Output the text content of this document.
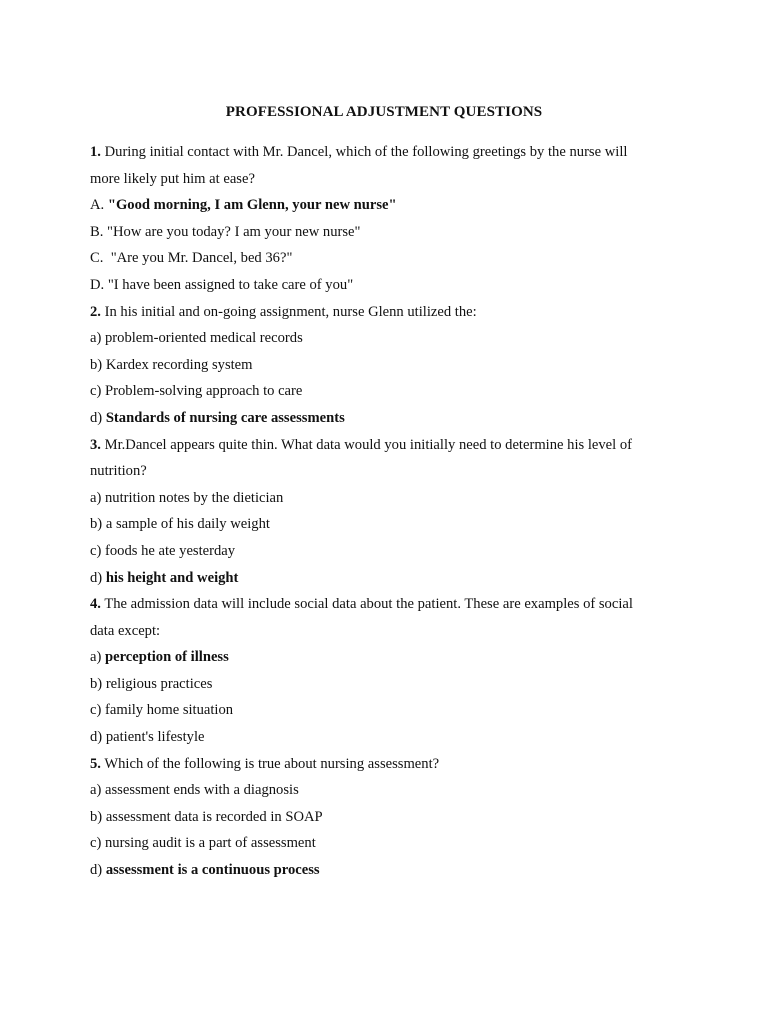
PROFESSIONAL ADJUSTMENT QUESTIONS
1. During initial contact with Mr. Dancel, which of the following greetings by the nurse will
more likely put him at ease?
A. "Good morning, I am Glenn, your new nurse"
B. "How are you today? I am your new nurse"
C.  "Are you Mr. Dancel, bed 36?"
D. "I have been assigned to take care of you"
2. In his initial and on-going assignment, nurse Glenn utilized the:
a) problem-oriented medical records
b) Kardex recording system
c) Problem-solving approach to care
d) Standards of nursing care assessments
3. Mr.Dancel appears quite thin. What data would you initially need to determine his level of
nutrition?
a) nutrition notes by the dietician
b) a sample of his daily weight
c) foods he ate yesterday
d) his height and weight
4. The admission data will include social data about the patient. These are examples of social
data except:
a) perception of illness
b) religious practices
c) family home situation
d) patient's lifestyle
5. Which of the following is true about nursing assessment?
a) assessment ends with a diagnosis
b) assessment data is recorded in SOAP
c) nursing audit is a part of assessment
d) assessment is a continuous process
